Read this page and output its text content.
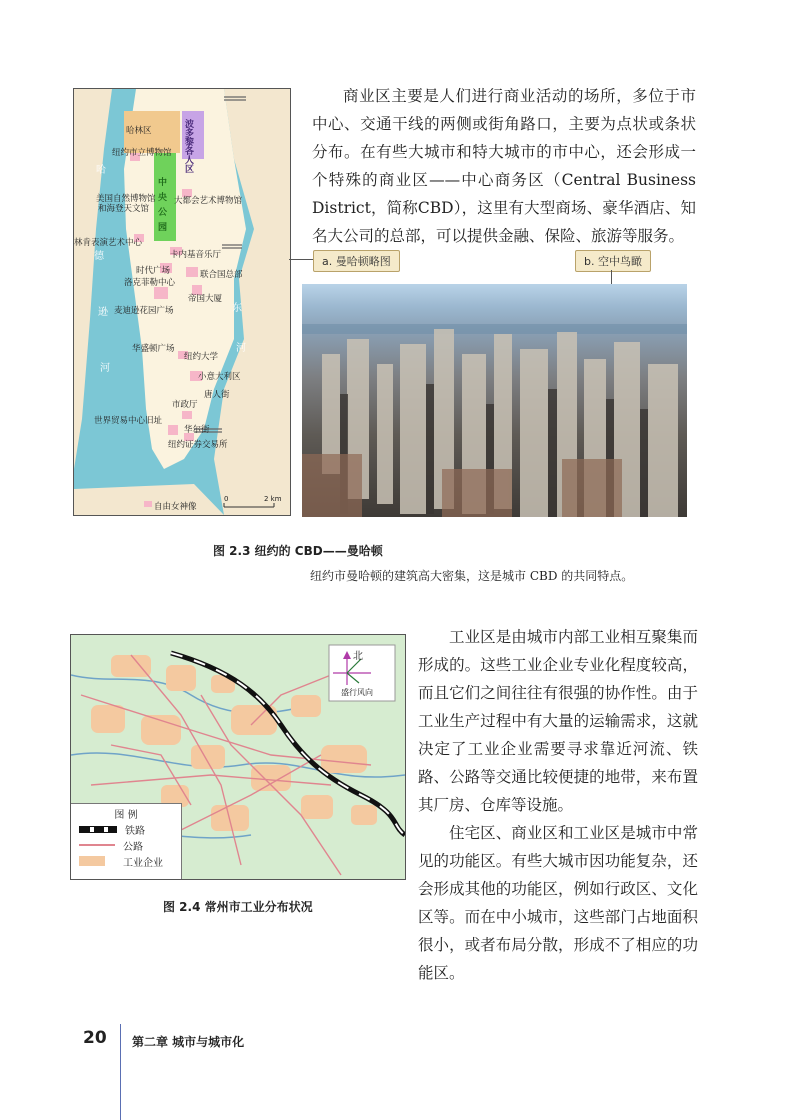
哈
德
逊
河
东
河
波多黎各人区
中央公园
哈林区
纽约市立博物馆
美国自然博物馆
和海登天文馆
大都会艺术博物馆
林肯表演艺术中心
卡内基音乐厅
时代广场
洛克菲勒中心
联合国总部
帝国大厦
麦迪逊花园广场
华盛顿广场
纽约大学
小意大利区
唐人街
市政厅
世界贸易中心旧址
华尔街
纽约证券交易所
自由女神像
0	2 km
a. 曼哈顿略图	b. 空中鸟瞰

商业区主要是人们进行商业活动的场所，多位于市中心、交通干线的两侧或街角路口，主要为点状或条状分布。在有些大城市和特大城市的市中心，还会形成一个特殊的商业区——中心商务区（Central Business District，简称CBD），这里有大型商场、豪华酒店、知名大公司的总部，可以提供金融、保险、旅游等服务。

图 2.3 纽约的 CBD——曼哈顿
纽约市曼哈顿的建筑高大密集，这是城市 CBD 的共同特点。
北
盛行风向
图 例
铁路
公路
工业企业
图 2.4 常州市工业分布状况

工业区是由城市内部工业相互聚集而形成的。这些工业企业专业化程度较高，而且它们之间往往有很强的协作性。由于工业生产过程中有大量的运输需求，这就决定了工业企业需要寻求靠近河流、铁路、公路等交通比较便捷的地带，来布置其厂房、仓库等设施。

住宅区、商业区和工业区是城市中常见的功能区。有些大城市因功能复杂，还会形成其他的功能区，例如行政区、文化区等。而在中小城市，这些部门占地面积很小，或者布局分散，形成不了相应的功能区。

20 第二章 城市与城市化
